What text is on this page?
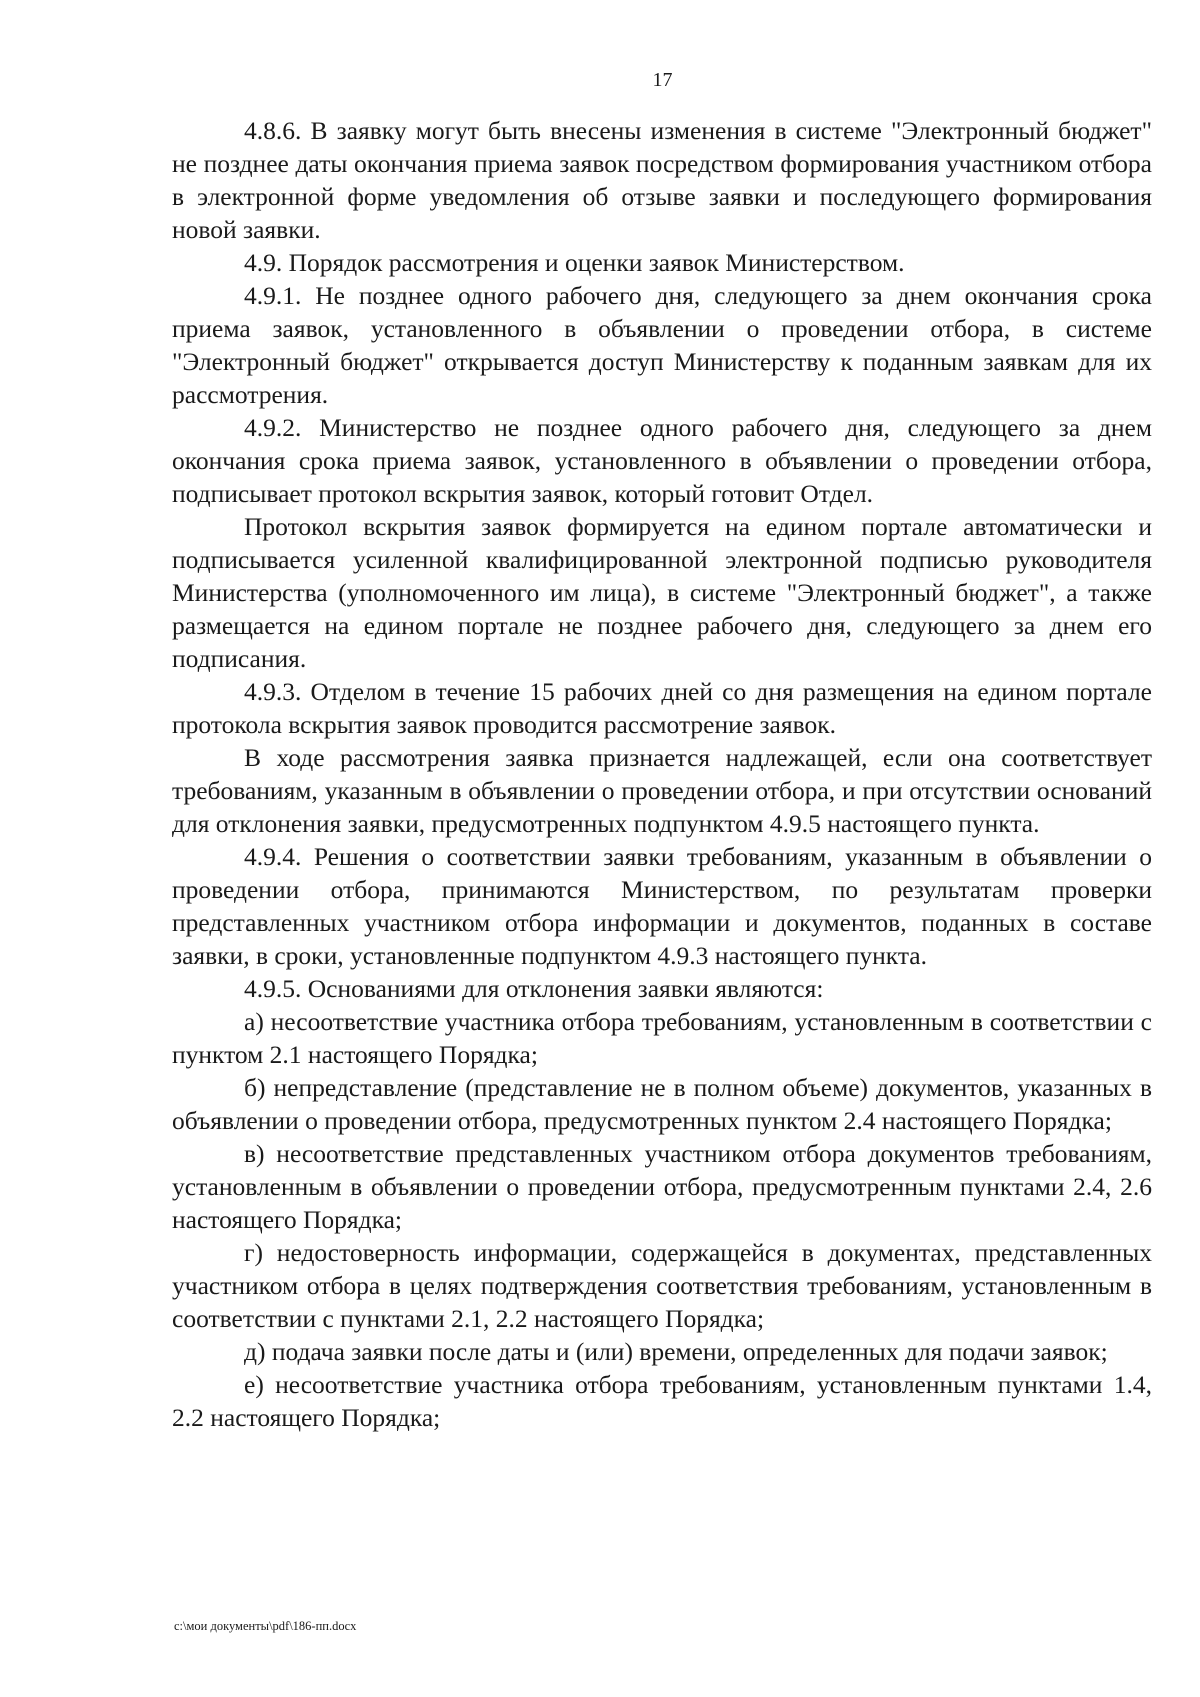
17

4.8.6. В заявку могут быть внесены изменения в системе "Электронный бюджет" не позднее даты окончания приема заявок посредством формирования участником отбора в электронной форме уведомления об отзыве заявки и последующего формирования новой заявки.

4.9. Порядок рассмотрения и оценки заявок Министерством.

4.9.1. Не позднее одного рабочего дня, следующего за днем окончания срока приема заявок, установленного в объявлении о проведении отбора, в системе "Электронный бюджет" открывается доступ Министерству к поданным заявкам для их рассмотрения.

4.9.2. Министерство не позднее одного рабочего дня, следующего за днем окончания срока приема заявок, установленного в объявлении о проведении отбора, подписывает протокол вскрытия заявок, который готовит Отдел.

Протокол вскрытия заявок формируется на едином портале автоматически и подписывается усиленной квалифицированной электронной подписью руководителя Министерства (уполномоченного им лица), в системе "Электронный бюджет", а также размещается на едином портале не позднее рабочего дня, следующего за днем его подписания.

4.9.3. Отделом в течение 15 рабочих дней со дня размещения на едином портале протокола вскрытия заявок проводится рассмотрение заявок.

В ходе рассмотрения заявка признается надлежащей, если она соответствует требованиям, указанным в объявлении о проведении отбора, и при отсутствии оснований для отклонения заявки, предусмотренных подпунктом 4.9.5 настоящего пункта.

4.9.4. Решения о соответствии заявки требованиям, указанным в объявлении о проведении отбора, принимаются Министерством, по результатам проверки представленных участником отбора информации и документов, поданных в составе заявки, в сроки, установленные подпунктом 4.9.3 настоящего пункта.

4.9.5. Основаниями для отклонения заявки являются:

а) несоответствие участника отбора требованиям, установленным в соответствии с пунктом 2.1 настоящего Порядка;

б) непредставление (представление не в полном объеме) документов, указанных в объявлении о проведении отбора, предусмотренных пунктом 2.4 настоящего Порядка;

в) несоответствие представленных участником отбора документов требованиям, установленным в объявлении о проведении отбора, предусмотренным пунктами 2.4, 2.6 настоящего Порядка;

г) недостоверность информации, содержащейся в документах, представленных участником отбора в целях подтверждения соответствия требованиям, установленным в соответствии с пунктами 2.1, 2.2 настоящего Порядка;

д) подача заявки после даты и (или) времени, определенных для подачи заявок;

е) несоответствие участника отбора требованиям, установленным пунктами 1.4, 2.2 настоящего Порядка;

c:\мои документы\pdf\186-пп.docx
